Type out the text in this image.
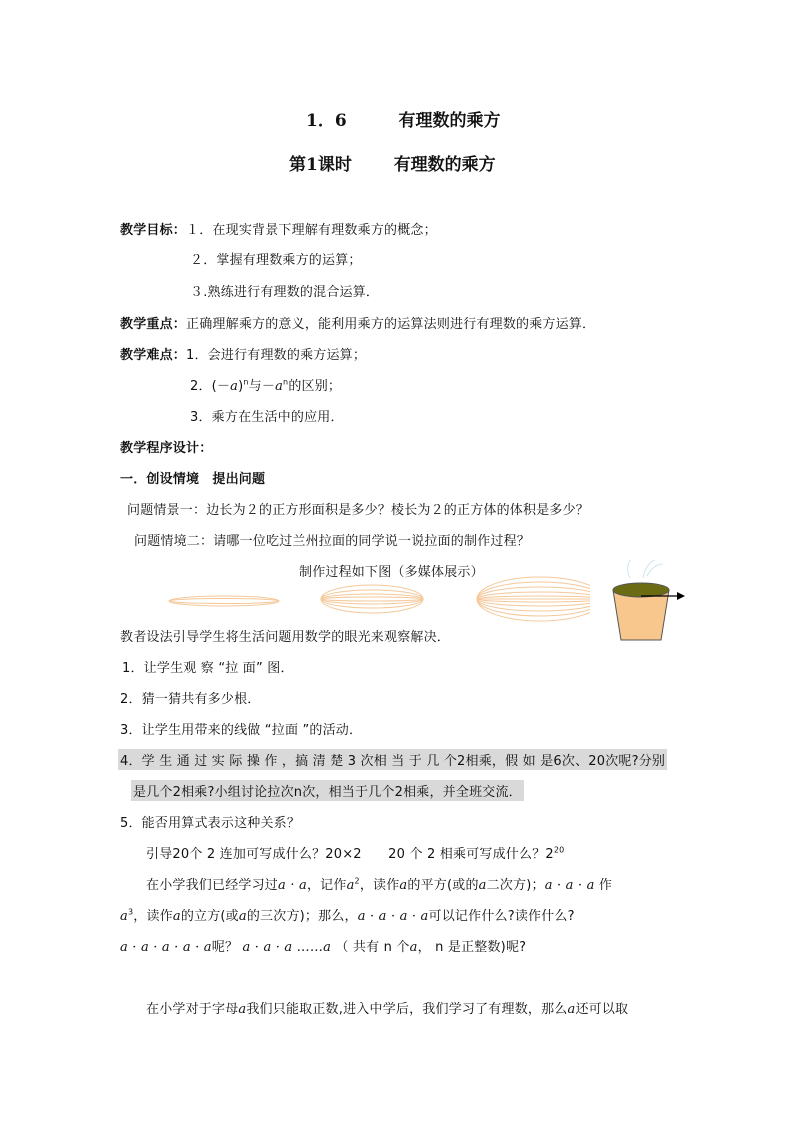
1．6	有理数的乘方
第1课时 有理数的乘方
教学目标：１．在现实背景下理解有理数乘方的概念；
２．掌握有理数乘方的运算；
３.熟练进行有理数的混合运算．
教学重点：正确理解乘方的意义，能利用乘方的运算法则进行有理数的乘方运算．
教学难点：1．会进行有理数的乘方运算；
2．$(-a)^n$与$-a^n$的区别；
3．乘方在生活中的应用．
教学程序设计：
一．创设情境　提出问题
问题情景一：边长为２的正方形面积是多少？棱长为２的正方体的体积是多少？
问题情境二：请哪一位吃过兰州拉面的同学说一说拉面的制作过程？
制作过程如下图（多媒体展示）
教者设法引导学生将生活问题用数学的眼光来观察解决．
1．让学生观 察 “拉 面” 图．
2．猜一猜共有多少根．
3．让学生用带来的线做 “拉面 ”的活动．
4．学 生 通 过 实 际 操 作 ，搞 清 楚 3 次相 当 于 几 个2相乘，假 如 是6次、20次呢?分别
是几个2相乘?小组讨论拉次n次，相当于几个2相乘，并全班交流．
5．能否用算式表示这种关系？
引导20个 2 连加可写成什么？20×2　　20 个 2 相乘可写成什么？$2^{20}$
在小学我们已经学习过a · a，记作$a^2$，读作a的平方(或的a二次方)；a · a · a 作
$a^3$，读作a的立方(或a的三次方)；那么，a · a · a · a可以记作什么?读作什么?
a · a · a · a · a呢？ a · a · a ……a （ 共有 n 个a， n 是正整数)呢?
在小学对于字母a我们只能取正数,进入中学后，我们学习了有理数，那么a还可以取
